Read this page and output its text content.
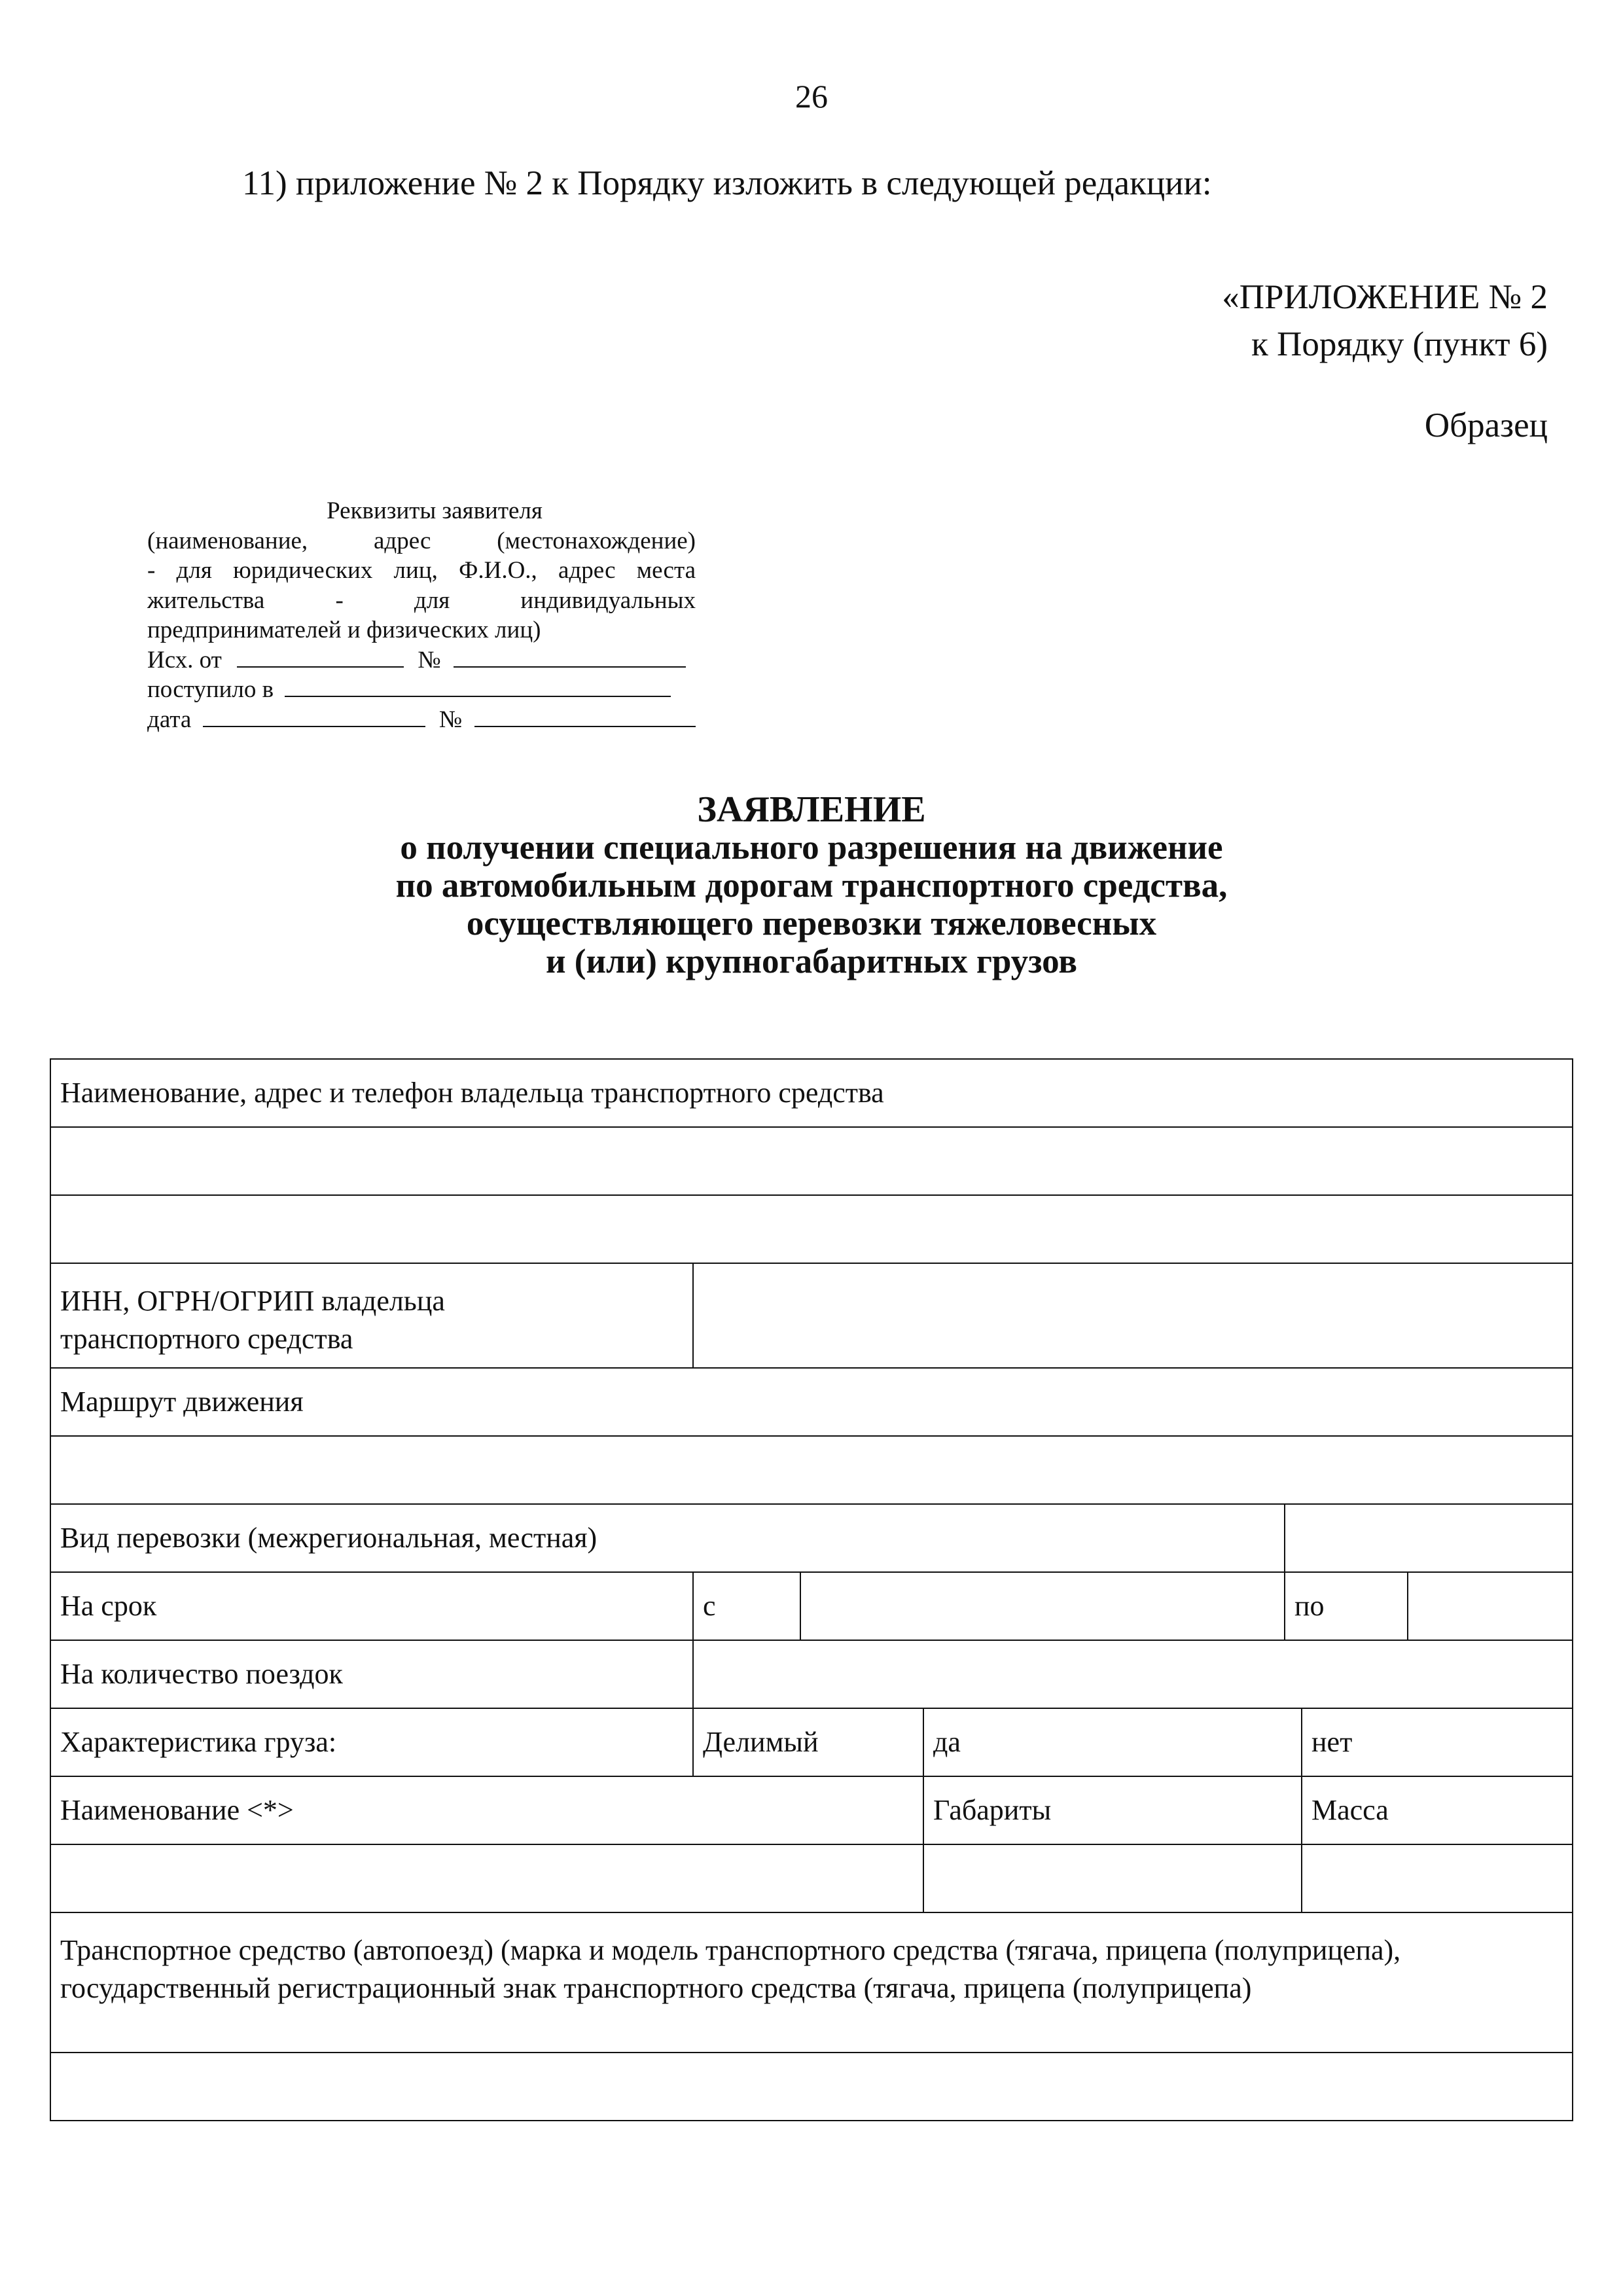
26
11) приложение № 2 к Порядку изложить в следующей редакции:
«ПРИЛОЖЕНИЕ № 2
к Порядку (пункт 6)
Образец
Реквизиты заявителя
(наименование, адрес (местонахождение)
- для юридических лиц, Ф.И.О., адрес места
жительства - для индивидуальных
предпринимателей и физических лиц)
Исх. от	№
поступило в
дата	№
ЗАЯВЛЕНИЕ
о получении специального разрешения на движение
по автомобильным дорогам транспортного средства,
осуществляющего перевозки тяжеловесных
и (или) крупногабаритных грузов
Наименование, адрес и телефон владельца транспортного средства						

ИНН, ОГРН/ОГРИП владельца
транспортного средства						

Маршрут движения						

Вид перевозки (межрегиональная, местная)						
На срок	с			по		
На количество поездок						
Характеристика груза:	Делимый		да		нет	
Наименование <*>			Габариты		Масса	

Транспортное средство (автопоезд) (марка и модель транспортного средства (тягача, прицепа (полуприцепа), государственный регистрационный знак транспортного средства (тягача, прицепа (полуприцепа)						
